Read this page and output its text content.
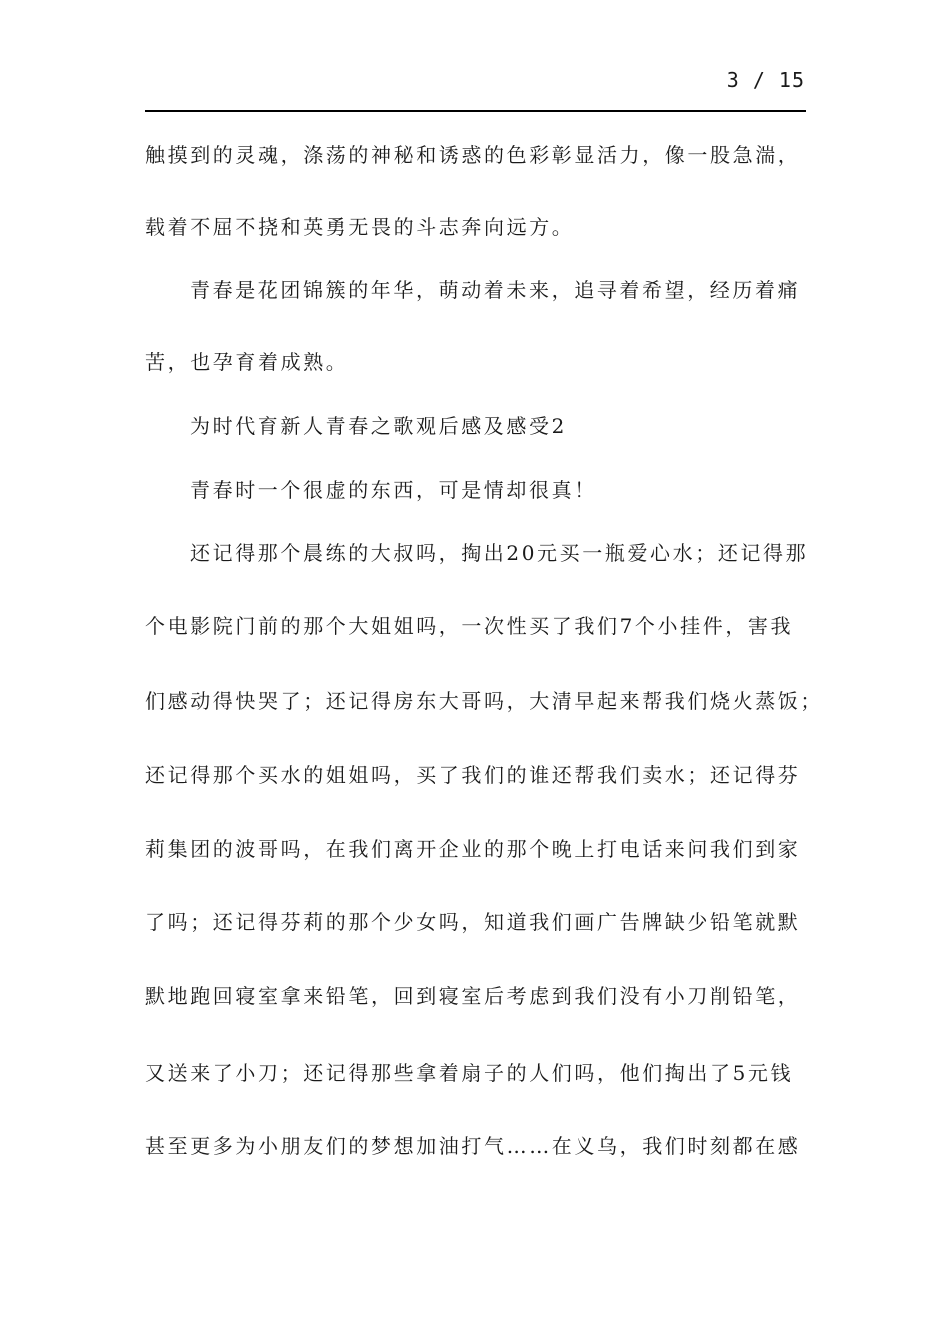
3 / 15
触摸到的灵魂，涤荡的神秘和诱惑的色彩彰显活力，像一股急湍，
载着不屈不挠和英勇无畏的斗志奔向远方。
青春是花团锦簇的年华，萌动着未来，追寻着希望，经历着痛
苦，也孕育着成熟。
为时代育新人青春之歌观后感及感受2
青春时一个很虚的东西，可是情却很真！
还记得那个晨练的大叔吗，掏出20元买一瓶爱心水；还记得那
个电影院门前的那个大姐姐吗，一次性买了我们7个小挂件，害我
们感动得快哭了；还记得房东大哥吗，大清早起来帮我们烧火蒸饭；
还记得那个买水的姐姐吗，买了我们的谁还帮我们卖水；还记得芬
莉集团的波哥吗，在我们离开企业的那个晚上打电话来问我们到家
了吗；还记得芬莉的那个少女吗，知道我们画广告牌缺少铅笔就默
默地跑回寝室拿来铅笔，回到寝室后考虑到我们没有小刀削铅笔，
又送来了小刀；还记得那些拿着扇子的人们吗，他们掏出了5元钱
甚至更多为小朋友们的梦想加油打气……在义乌，我们时刻都在感
